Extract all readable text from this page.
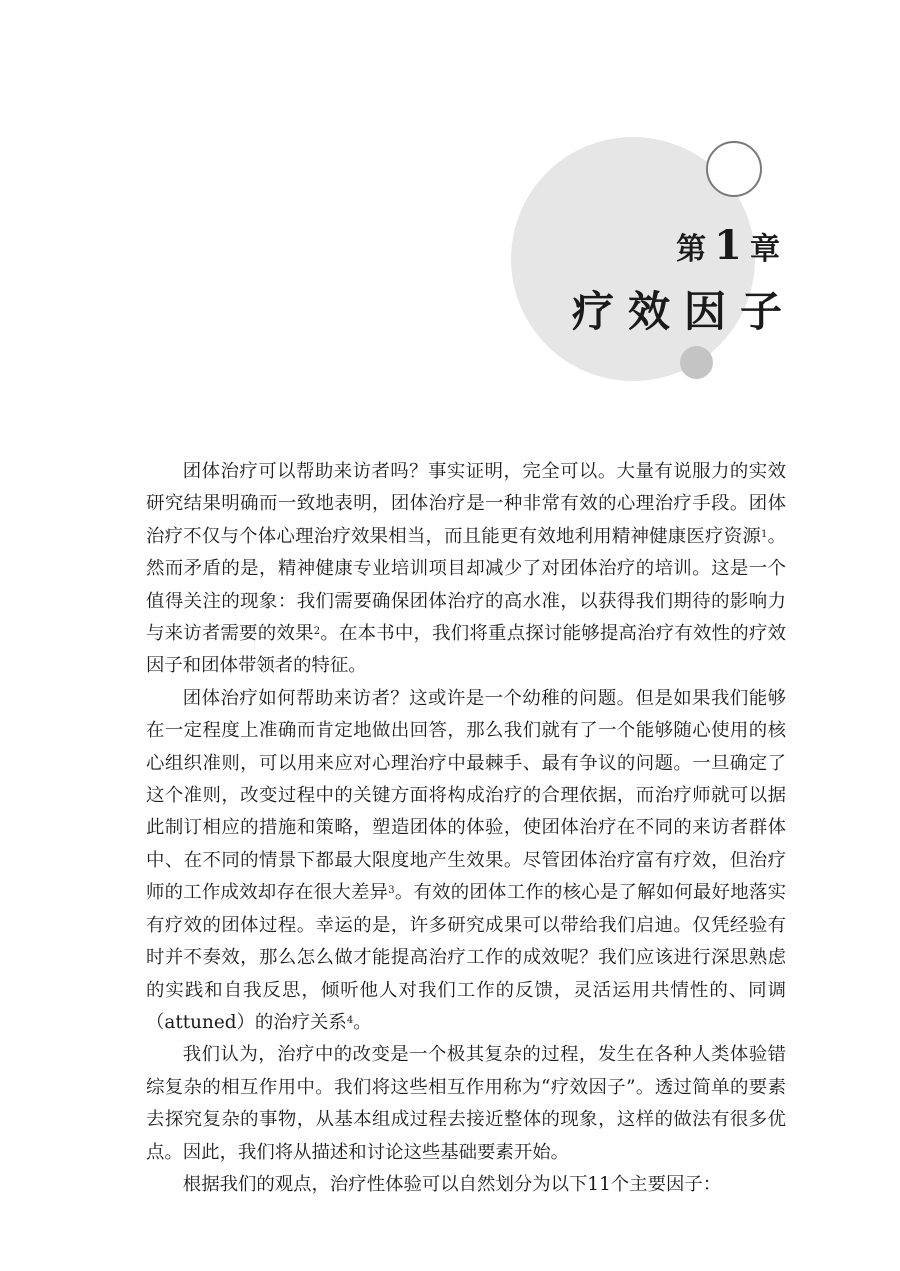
第 1 章
疗效因子

团体治疗可以帮助来访者吗？事实证明，完全可以。大量有说服力的实效研究结果明确而一致地表明，团体治疗是一种非常有效的心理治疗手段。团体治疗不仅与个体心理治疗效果相当，而且能更有效地利用精神健康医疗资源$^1$。然而矛盾的是，精神健康专业培训项目却减少了对团体治疗的培训。这是一个值得关注的现象：我们需要确保团体治疗的高水准，以获得我们期待的影响力与来访者需要的效果$^2$。在本书中，我们将重点探讨能够提高治疗有效性的疗效因子和团体带领者的特征。

团体治疗如何帮助来访者？这或许是一个幼稚的问题。但是如果我们能够在一定程度上准确而肯定地做出回答，那么我们就有了一个能够随心使用的核心组织准则，可以用来应对心理治疗中最棘手、最有争议的问题。一旦确定了这个准则，改变过程中的关键方面将构成治疗的合理依据，而治疗师就可以据此制订相应的措施和策略，塑造团体的体验，使团体治疗在不同的来访者群体中、在不同的情景下都最大限度地产生效果。尽管团体治疗富有疗效，但治疗师的工作成效却存在很大差异$^3$。有效的团体工作的核心是了解如何最好地落实有疗效的团体过程。幸运的是，许多研究成果可以带给我们启迪。仅凭经验有时并不奏效，那么怎么做才能提高治疗工作的成效呢？我们应该进行深思熟虑的实践和自我反思，倾听他人对我们工作的反馈，灵活运用共情性的、同调（attuned）的治疗关系$^4$。

我们认为，治疗中的改变是一个极其复杂的过程，发生在各种人类体验错综复杂的相互作用中。我们将这些相互作用称为“疗效因子”。透过简单的要素去探究复杂的事物，从基本组成过程去接近整体的现象，这样的做法有很多优点。因此，我们将从描述和讨论这些基础要素开始。

根据我们的观点，治疗性体验可以自然划分为以下11个主要因子：
